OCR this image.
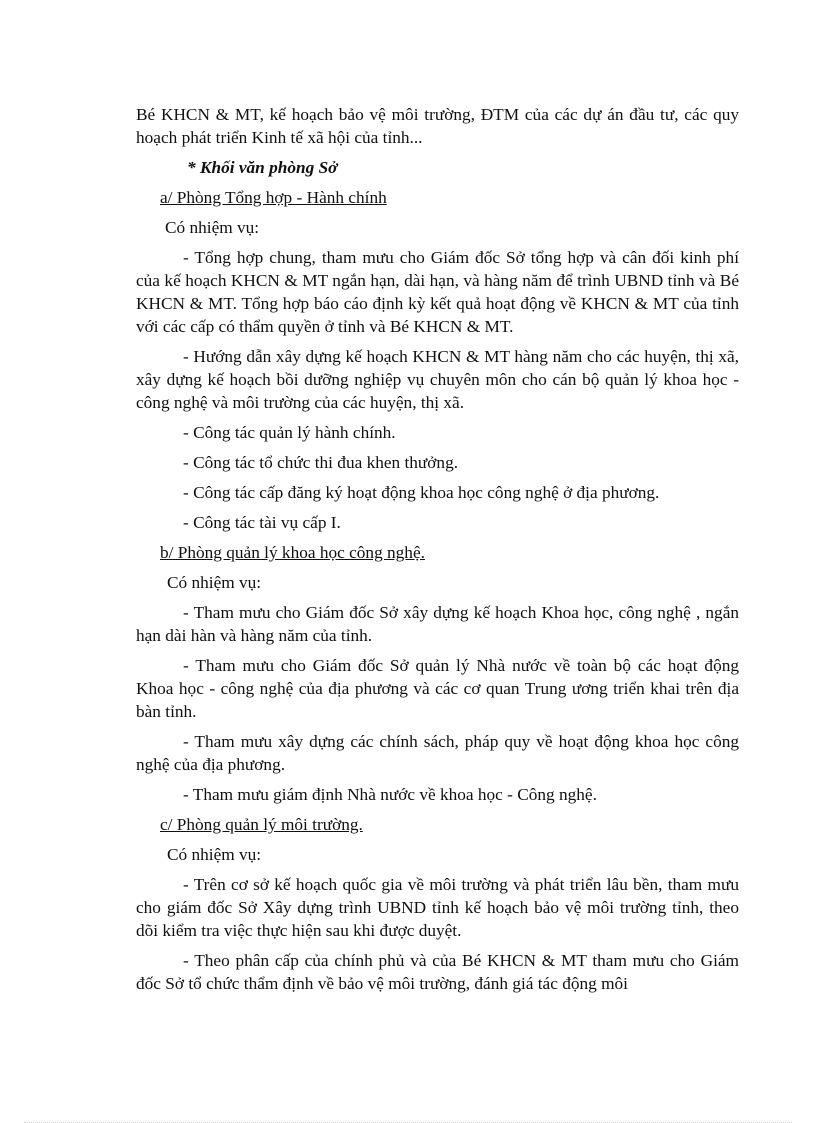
Bé KHCN & MT, kế hoạch bảo vệ môi trường, ĐTM của các dự án đầu tư, các quy hoạch phát triển Kinh tế xã hội của tỉnh...

* Khối văn phòng Sở

a/ Phòng Tổng hợp - Hành chính

Có nhiệm vụ:

- Tổng hợp chung, tham mưu cho Giám đốc Sở tổng hợp và cân đối kinh phí của kế hoạch KHCN & MT ngắn hạn, dài hạn, và hàng năm để trình UBND tỉnh và Bé KHCN & MT. Tổng hợp báo cáo định kỳ kết quả hoạt động về KHCN & MT của tỉnh với các cấp có thẩm quyền ở tỉnh và Bé KHCN & MT.

- Hướng dẫn xây dựng kế hoạch KHCN & MT hàng năm cho các huyện, thị xã, xây dựng kế hoạch bồi dưỡng nghiệp vụ chuyên môn cho cán bộ quản lý khoa học - công nghệ và môi trường của các huyện, thị xã.

- Công tác quản lý hành chính.

- Công tác tổ chức thi đua khen thưởng.

- Công tác cấp đăng ký hoạt động khoa học công nghệ ở địa phương.

- Công tác tài vụ cấp I.

b/ Phòng quản lý khoa học công nghệ.

Có nhiệm vụ:

- Tham mưu cho Giám đốc Sở xây dựng kế hoạch Khoa học, công nghệ , ngắn hạn dài hàn và hàng năm của tỉnh.

- Tham mưu cho Giám đốc Sở quản lý Nhà nước về toàn bộ các hoạt động Khoa học - công nghệ của địa phương và các cơ quan Trung ương triển khai trên địa bàn tỉnh.

- Tham mưu xây dựng các chính sách, pháp quy về hoạt động khoa học công nghệ của địa phương.

- Tham mưu giám định Nhà nước về khoa học - Công nghệ.

c/ Phòng quản lý môi trường.

Có nhiệm vụ:

- Trên cơ sở kế hoạch quốc gia về môi trường và phát triển lâu bền, tham mưu cho giám đốc Sở Xây dựng trình UBND tỉnh kế hoạch bảo vệ môi trường tỉnh, theo dõi kiểm tra việc thực hiện sau khi được duyệt.

- Theo phân cấp của chính phủ và của Bé KHCN & MT tham mưu cho Giám đốc Sở tổ chức thẩm định về bảo vệ môi trường, đánh giá tác động môi
